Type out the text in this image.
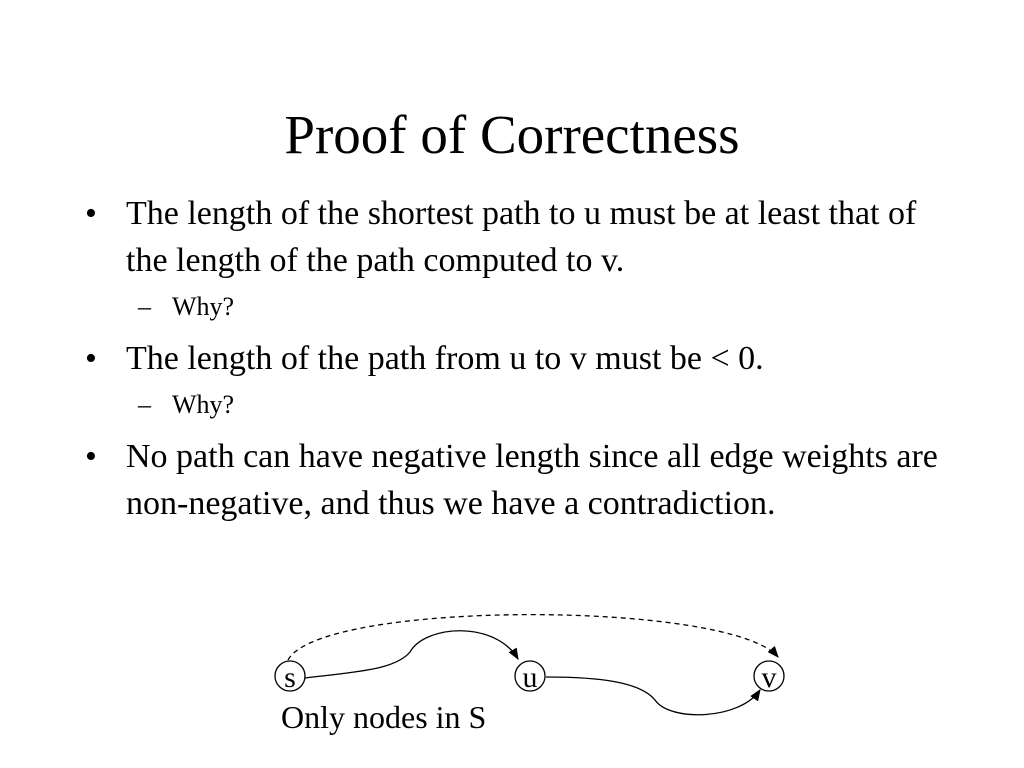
Proof of Correctness
• The length of the shortest path to u must be at least that of the length of the path computed to v.
– Why?
• The length of the path from u to v must be < 0.
– Why?
• No path can have negative length since all edge weights are non-negative, and thus we have a contradiction.
s	u	v
Only nodes in S
